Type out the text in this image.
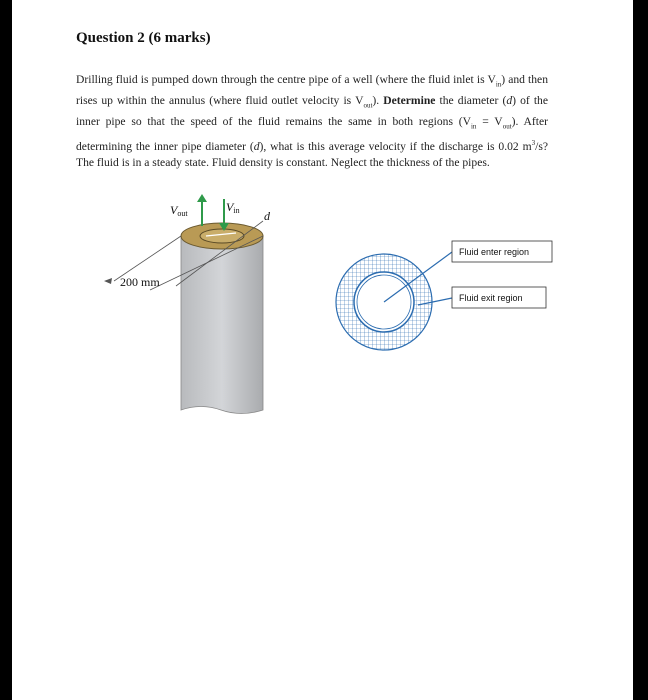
Question 2 (6 marks)
Drilling fluid is pumped down through the centre pipe of a well (where the fluid inlet is $V_{in}$) and then rises up within the annulus (where fluid outlet velocity is $V_{out}$). Determine the diameter (d) of the inner pipe so that the speed of the fluid remains the same in both regions $(V_{in} = V_{out})$. After determining the inner pipe diameter (d), what is this average velocity if the discharge is 0.02 $m^3/s$? The fluid is in a steady state. Fluid density is constant. Neglect the thickness of the pipes.
Vout	Vin d
200 mm
Fluid enter region
Fluid exit region
